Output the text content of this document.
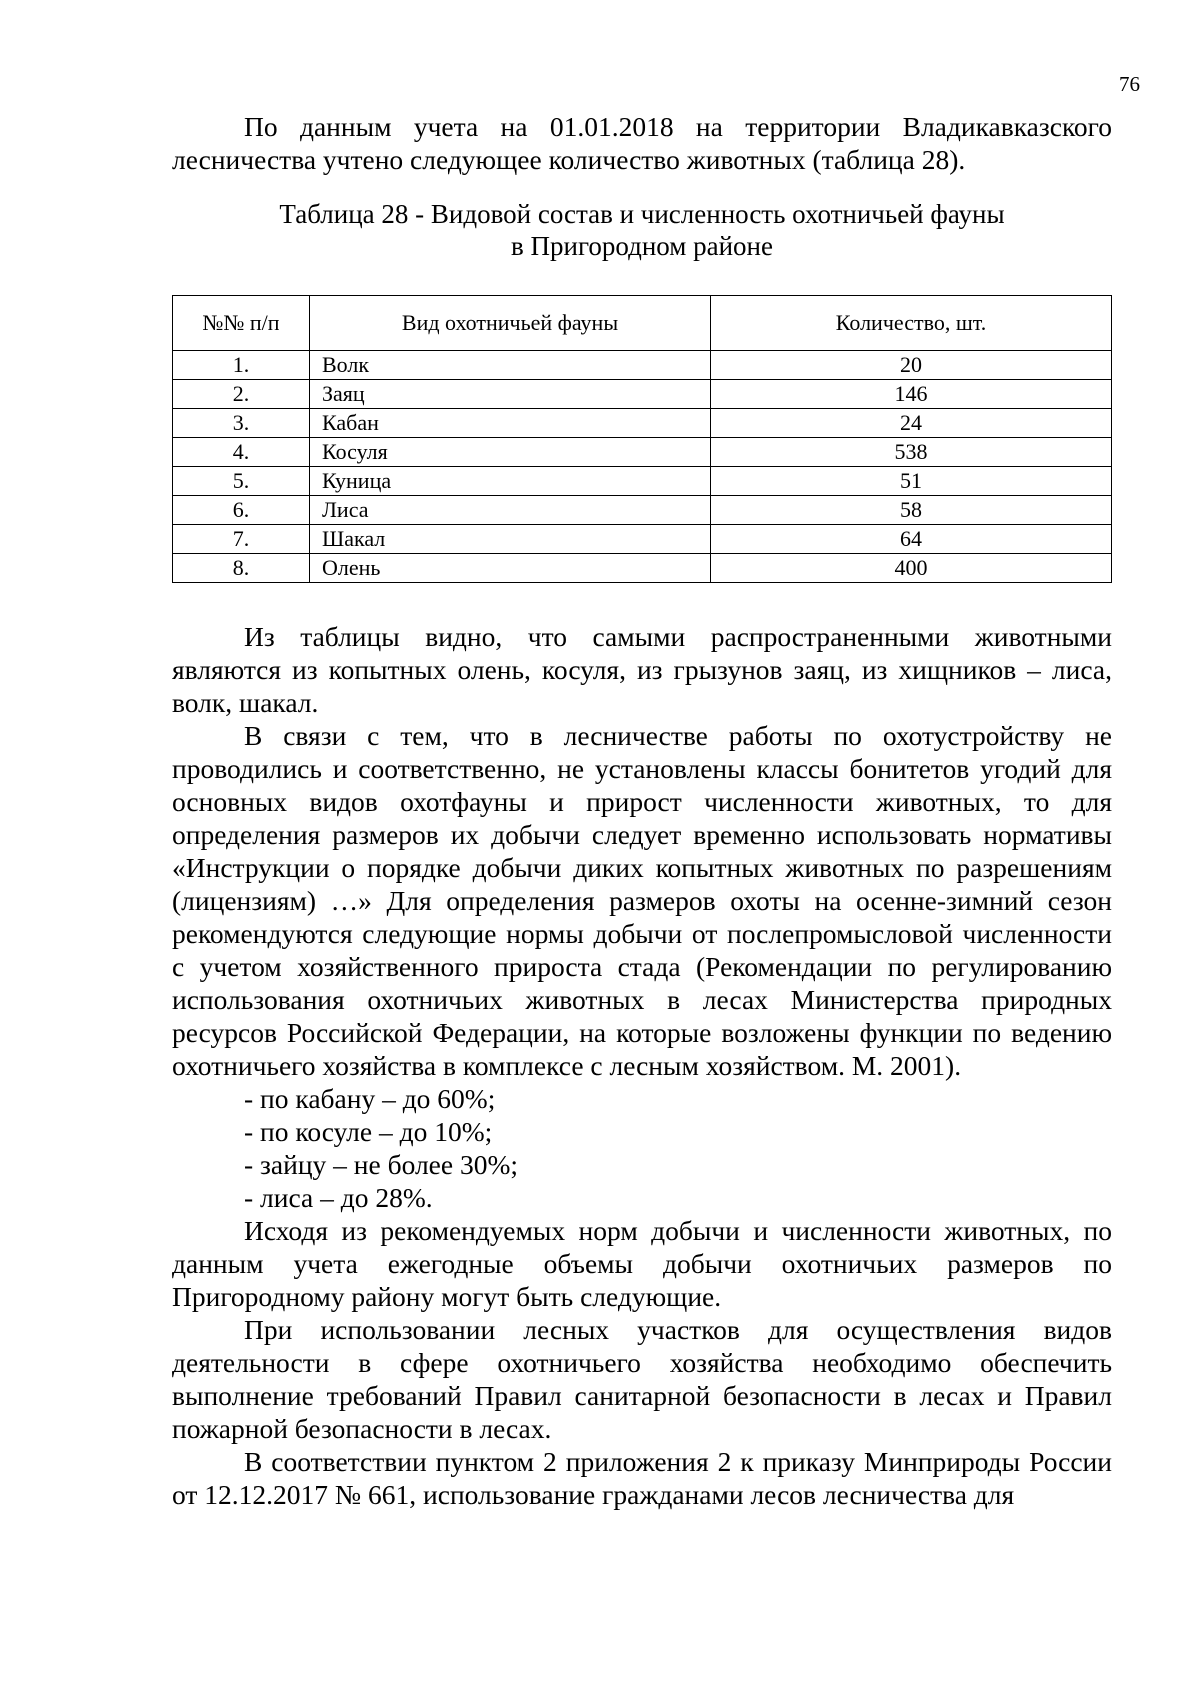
76

По данным учета на 01.01.2018 на территории Владикавказского лесничества учтено следующее количество животных (таблица 28).

Таблица 28 - Видовой состав и численность охотничьей фауны
в Пригородном районе
№№ п/п	Вид охотничьей фауны	Количество, шт.
1.	Волк	20
2.	Заяц	146
3.	Кабан	24
4.	Косуля	538
5.	Куница	51
6.	Лиса	58
7.	Шакал	64
8.	Олень	400

Из таблицы видно, что самыми распространенными животными являются из копытных олень, косуля, из грызунов заяц, из хищников – лиса, волк, шакал.

В связи с тем, что в лесничестве работы по охотустройству не проводились и соответственно, не установлены классы бонитетов угодий для основных видов охотфауны и прирост численности животных, то для определения размеров их добычи следует временно использовать нормативы «Инструкции о порядке добычи диких копытных животных по разрешениям (лицензиям) …» Для определения размеров охоты на осенне-зимний сезон рекомендуются следующие нормы добычи от послепромысловой численности с учетом хозяйственного прироста стада (Рекомендации по регулированию использования охотничьих животных в лесах Министерства природных ресурсов Российской Федерации, на которые возложены функции по ведению охотничьего хозяйства в комплексе с лесным хозяйством. М. 2001).

- по кабану – до 60%;

- по косуле – до 10%;

- зайцу – не более 30%;

- лиса – до 28%.

Исходя из рекомендуемых норм добычи и численности животных, по данным учета ежегодные объемы добычи охотничьих размеров по Пригородному району могут быть следующие.

При использовании лесных участков для осуществления видов деятельности в сфере охотничьего хозяйства необходимо обеспечить выполнение требований Правил санитарной безопасности в лесах и Правил пожарной безопасности в лесах.

В соответствии пунктом 2 приложения 2 к приказу Минприроды России от 12.12.2017 № 661, использование гражданами лесов лесничества для
